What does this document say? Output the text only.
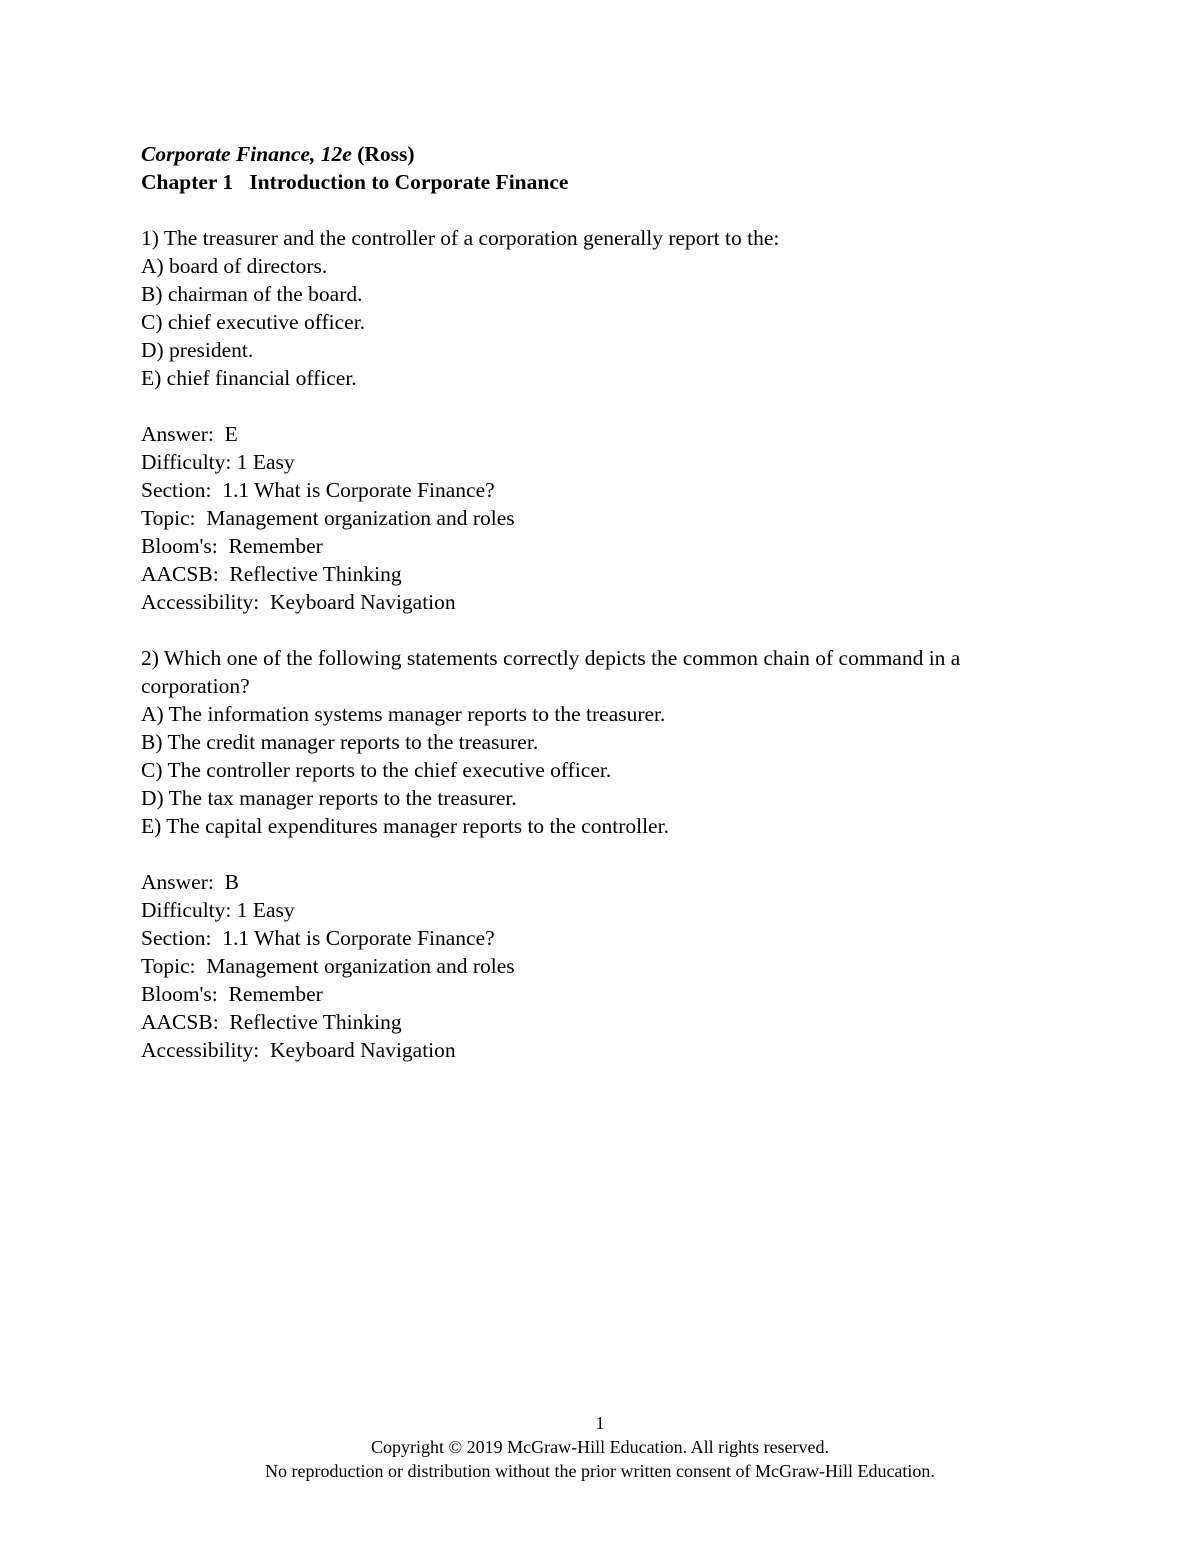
Corporate Finance, 12e (Ross)
Chapter 1 Introduction to Corporate Finance
1) The treasurer and the controller of a corporation generally report to the:
A) board of directors.
B) chairman of the board.
C) chief executive officer.
D) president.
E) chief financial officer.
Answer:  E
Difficulty: 1 Easy
Section:  1.1 What is Corporate Finance?
Topic:  Management organization and roles
Bloom's:  Remember
AACSB:  Reflective Thinking
Accessibility:  Keyboard Navigation
2) Which one of the following statements correctly depicts the common chain of command in a corporation?
A) The information systems manager reports to the treasurer.
B) The credit manager reports to the treasurer.
C) The controller reports to the chief executive officer.
D) The tax manager reports to the treasurer.
E) The capital expenditures manager reports to the controller.
Answer:  B
Difficulty: 1 Easy
Section:  1.1 What is Corporate Finance?
Topic:  Management organization and roles
Bloom's:  Remember
AACSB:  Reflective Thinking
Accessibility:  Keyboard Navigation
1
Copyright © 2019 McGraw-Hill Education. All rights reserved.
No reproduction or distribution without the prior written consent of McGraw-Hill Education.
